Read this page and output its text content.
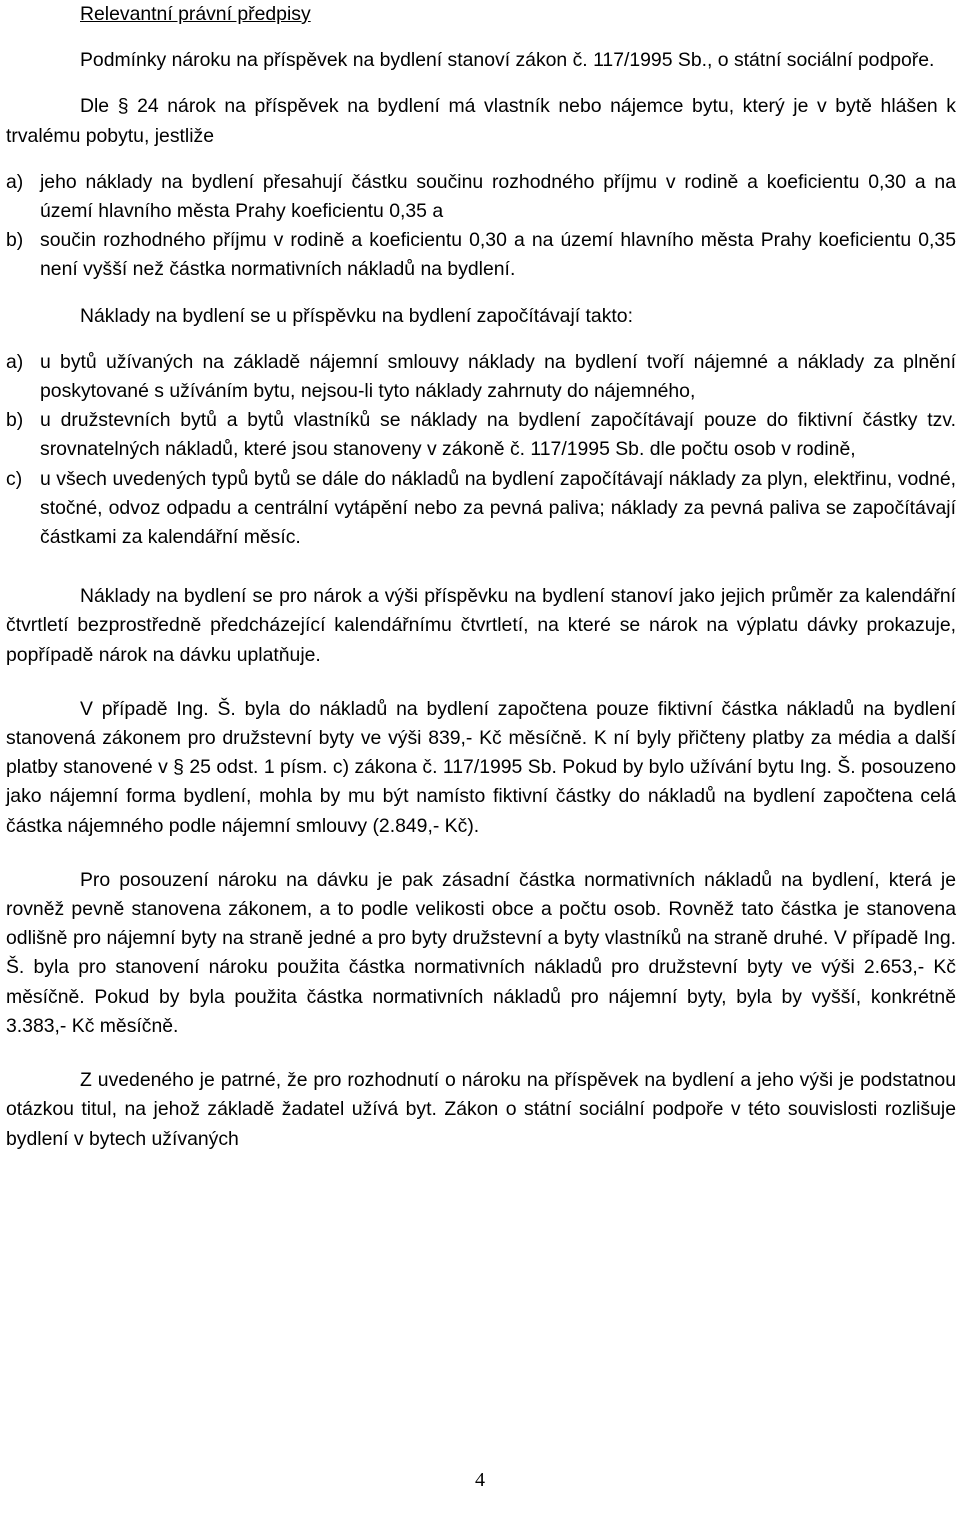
Relevantní právní předpisy

Podmínky nároku na příspěvek na bydlení stanoví zákon č. 117/1995 Sb., o státní sociální podpoře.

Dle § 24 nárok na příspěvek na bydlení má vlastník nebo nájemce bytu, který je v bytě hlášen k trvalému pobytu, jestliže

a) jeho náklady na bydlení přesahují částku součinu rozhodného příjmu v rodině a koeficientu 0,30 a na území hlavního města Prahy koeficientu 0,35 a
b) součin rozhodného příjmu v rodině a koeficientu 0,30 a na území hlavního města Prahy koeficientu 0,35 není vyšší než částka normativních nákladů na bydlení.

Náklady na bydlení se u příspěvku na bydlení započítávají takto:

a) u bytů užívaných na základě nájemní smlouvy náklady na bydlení tvoří nájemné a náklady za plnění poskytované s užíváním bytu, nejsou-li tyto náklady zahrnuty do nájemného,
b) u družstevních bytů a bytů vlastníků se náklady na bydlení započítávají pouze do fiktivní částky tzv. srovnatelných nákladů, které jsou stanoveny v zákoně č. 117/1995 Sb. dle počtu osob v rodině,
c) u všech uvedených typů bytů se dále do nákladů na bydlení započítávají náklady za plyn, elektřinu, vodné, stočné, odvoz odpadu a centrální vytápění nebo za pevná paliva; náklady za pevná paliva se započítávají částkami za kalendářní měsíc.

Náklady na bydlení se pro nárok a výši příspěvku na bydlení stanoví jako jejich průměr za kalendářní čtvrtletí bezprostředně předcházející kalendářnímu čtvrtletí, na které se nárok na výplatu dávky prokazuje, popřípadě nárok na dávku uplatňuje.

V případě Ing. Š. byla do nákladů na bydlení započtena pouze fiktivní částka nákladů na bydlení stanovená zákonem pro družstevní byty ve výši 839,- Kč měsíčně. K ní byly přičteny platby za média a další platby stanovené v § 25 odst. 1 písm. c) zákona č. 117/1995 Sb. Pokud by bylo užívání bytu Ing. Š. posouzeno jako nájemní forma bydlení, mohla by mu být namísto fiktivní částky do nákladů na bydlení započtena celá částka nájemného podle nájemní smlouvy (2.849,- Kč).

Pro posouzení nároku na dávku je pak zásadní částka normativních nákladů na bydlení, která je rovněž pevně stanovena zákonem, a to podle velikosti obce a počtu osob. Rovněž tato částka je stanovena odlišně pro nájemní byty na straně jedné a pro byty družstevní a byty vlastníků na straně druhé. V případě Ing. Š. byla pro stanovení nároku použita částka normativních nákladů pro družstevní byty ve výši 2.653,- Kč měsíčně. Pokud by byla použita částka normativních nákladů pro nájemní byty, byla by vyšší, konkrétně 3.383,- Kč měsíčně.

Z uvedeného je patrné, že pro rozhodnutí o nároku na příspěvek na bydlení a jeho výši je podstatnou otázkou titul, na jehož základě žadatel užívá byt. Zákon o státní sociální podpoře v této souvislosti rozlišuje bydlení v bytech užívaných

4
